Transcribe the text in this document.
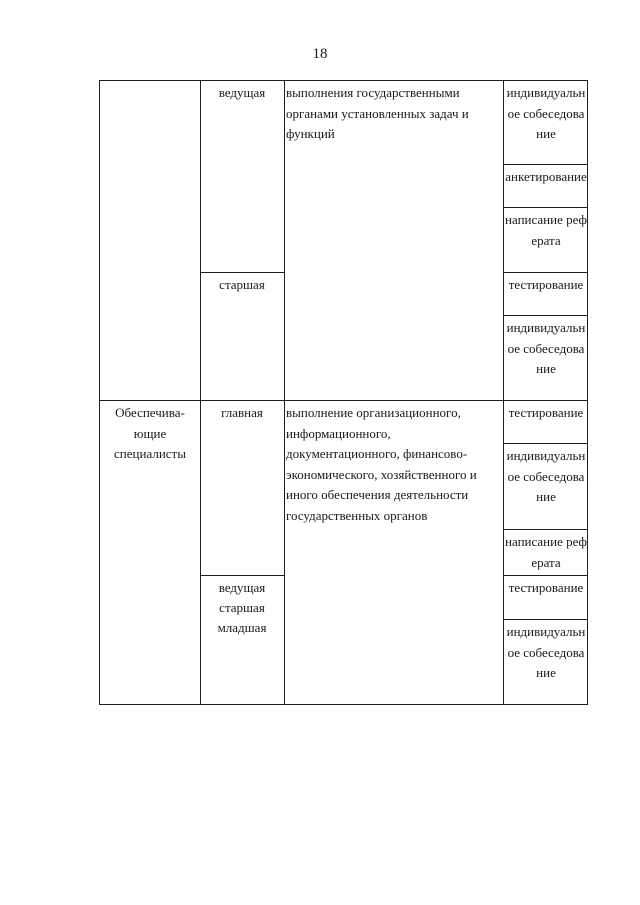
18
ведущая
старшая
выполнения государственными органами установленных задач и функций
индивидуальное собеседование
анкетирование
написание реферата
тестирование
индивидуальное собеседование
Обеспечива-ющие специалисты
главная
ведущая
старшая
младшая
выполнение организационного, информационного, документационного, финансово-экономического, хозяйственного и иного обеспечения деятельности государственных органов
тестирование
индивидуальное собеседование
написание реферата
тестирование
индивидуальное собеседование
